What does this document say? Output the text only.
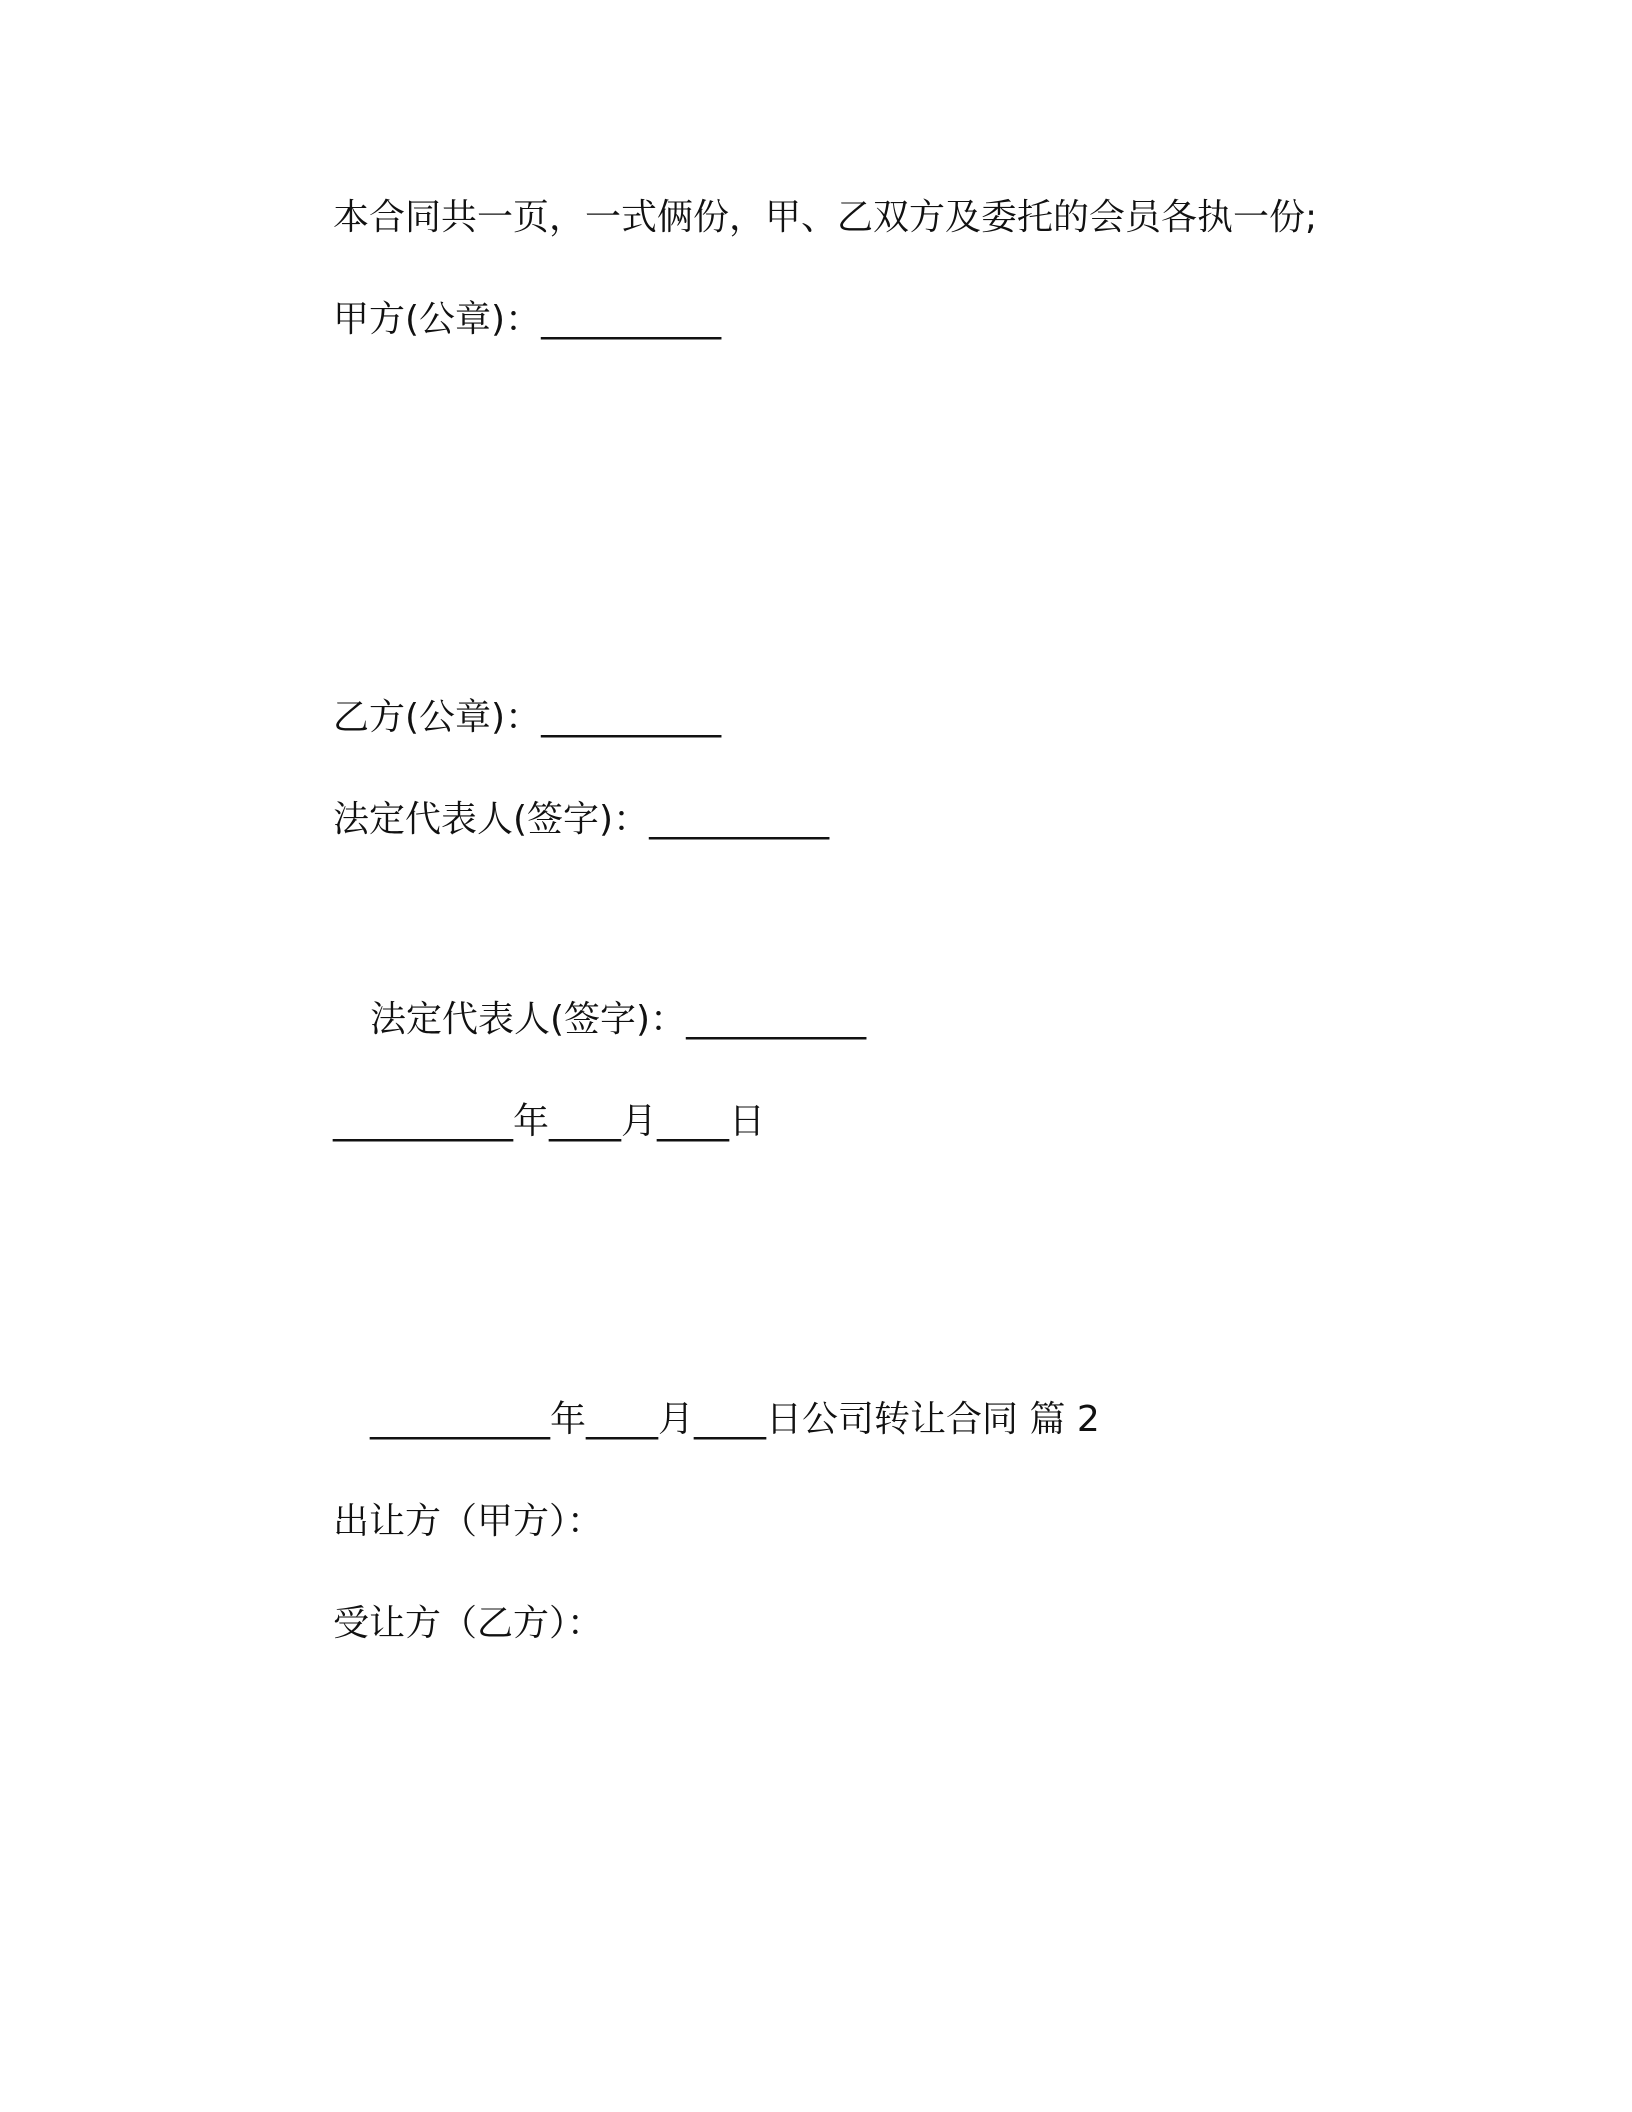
本合同共一页，一式俩份，甲、乙双方及委托的会员各执一份;
甲方(公章)：__________
乙方(公章)：__________
法定代表人(签字)：__________
法定代表人(签字)：__________
__________年____月____日
__________年____月____日公司转让合同 篇 2
出让方（甲方）：
受让方（乙方）：
